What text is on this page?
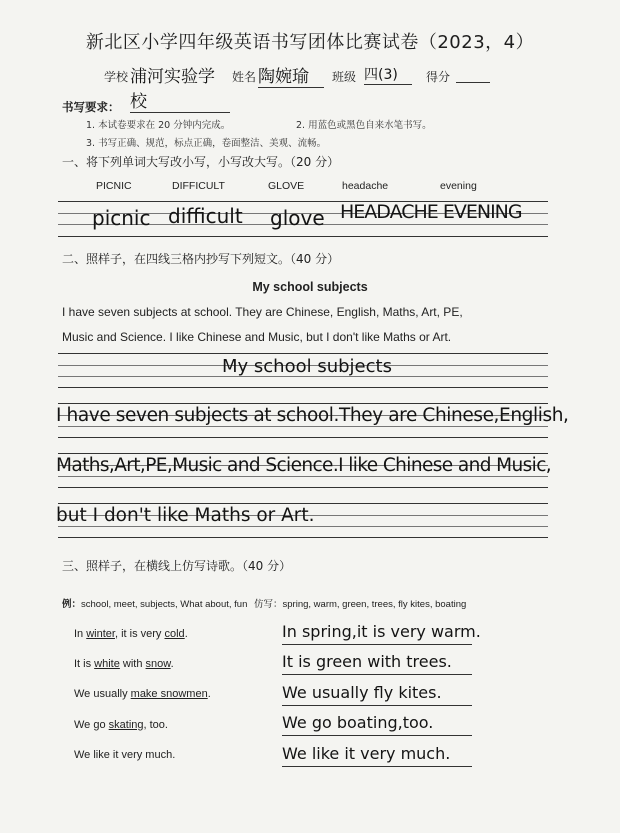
新北区小学四年级英语书写团体比赛试卷（2023，4）
学校 浦河实验学校
姓名 陶婉瑜	班级 四(3)	得分
书写要求：
1. 本试卷要求在 20 分钟内完成。	2. 用蓝色或黑色自来水笔书写。
3. 书写正确、规范，标点正确，卷面整洁、美观、流畅。
一、将下列单词大写改小写，小写改大写。（20 分）
PICNIC	DIFFICULT	GLOVE	headache	evening
picnic difficult glove HEADACHE EVENING
二、照样子，在四线三格内抄写下列短文。（40 分）
My school subjects
I have seven subjects at school. They are Chinese, English, Maths, Art, PE,
Music and Science. I like Chinese and Music, but I don't like Maths or Art.
My school subjects
I have seven subjects at school.They are Chinese,English,
Maths,Art,PE,Music and Science.I like Chinese and Music,
but I don't like Maths or Art.
三、照样子，在横线上仿写诗歌。（40 分）
例：school, meet, subjects, What about, fun 仿写：spring, warm, green, trees, fly kites, boating
In winter, it is very cold.
It is white with snow.
We usually make snowmen.
We go skating, too.
We like it very much.
In spring,it is very warm.
It is green with trees.
We usually fly kites.
We go boating,too.
We like it very much.
